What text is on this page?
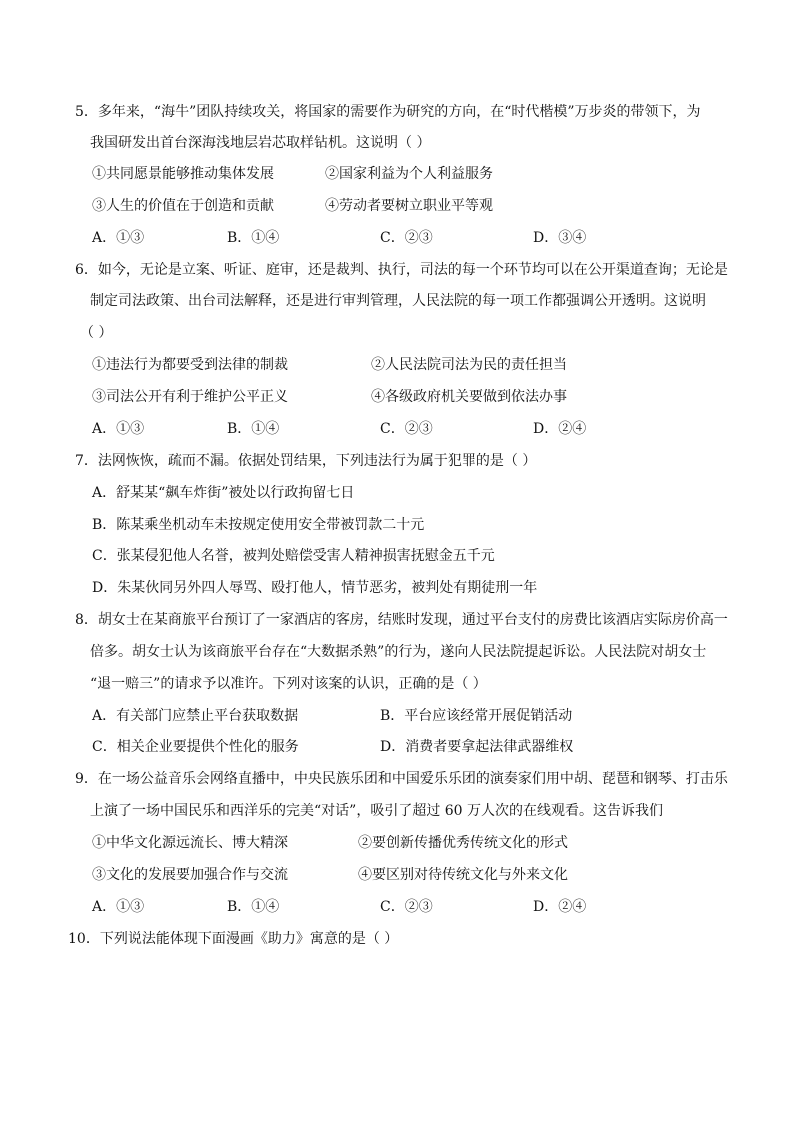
5．多年来，“海牛”团队持续攻关，将国家的需要作为研究的方向，在“时代楷模”万步炎的带领下，为
我国研发出首台深海浅地层岩芯取样钻机。这说明（ ）
①共同愿景能够推动集体发展	②国家利益为个人利益服务
③人生的价值在于创造和贡献	④劳动者要树立职业平等观
A．①③	B．①④	C．②③	D．③④
6．如今，无论是立案、听证、庭审，还是裁判、执行，司法的每一个环节均可以在公开渠道查询；无论是
制定司法政策、出台司法解释，还是进行审判管理，人民法院的每一项工作都强调公开透明。这说明
（ ）
①违法行为都要受到法律的制裁	②人民法院司法为民的责任担当
③司法公开有利于维护公平正义	④各级政府机关要做到依法办事
A．①③	B．①④	C．②③	D．②④
7．法网恢恢，疏而不漏。依据处罚结果，下列违法行为属于犯罪的是（ ）
A．舒某某“飙车炸街”被处以行政拘留七日
B．陈某乘坐机动车未按规定使用安全带被罚款二十元
C．张某侵犯他人名誉，被判处赔偿受害人精神损害抚慰金五千元
D．朱某伙同另外四人辱骂、殴打他人，情节恶劣，被判处有期徒刑一年
8．胡女士在某商旅平台预订了一家酒店的客房，结账时发现，通过平台支付的房费比该酒店实际房价高一
倍多。胡女士认为该商旅平台存在“大数据杀熟”的行为，遂向人民法院提起诉讼。人民法院对胡女士
“退一赔三”的请求予以准许。下列对该案的认识，正确的是（ ）
A．有关部门应禁止平台获取数据	B．平台应该经常开展促销活动
C．相关企业要提供个性化的服务	D．消费者要拿起法律武器维权
9．在一场公益音乐会网络直播中，中央民族乐团和中国爱乐乐团的演奏家们用中胡、琵琶和钢琴、打击乐
上演了一场中国民乐和西洋乐的完美“对话”，吸引了超过 60 万人次的在线观看。这告诉我们
①中华文化源远流长、博大精深	②要创新传播优秀传统文化的形式
③文化的发展要加强合作与交流	④要区别对待传统文化与外来文化
A．①③	B．①④	C．②③	D．②④
10．下列说法能体现下面漫画《助力》寓意的是（ ）
